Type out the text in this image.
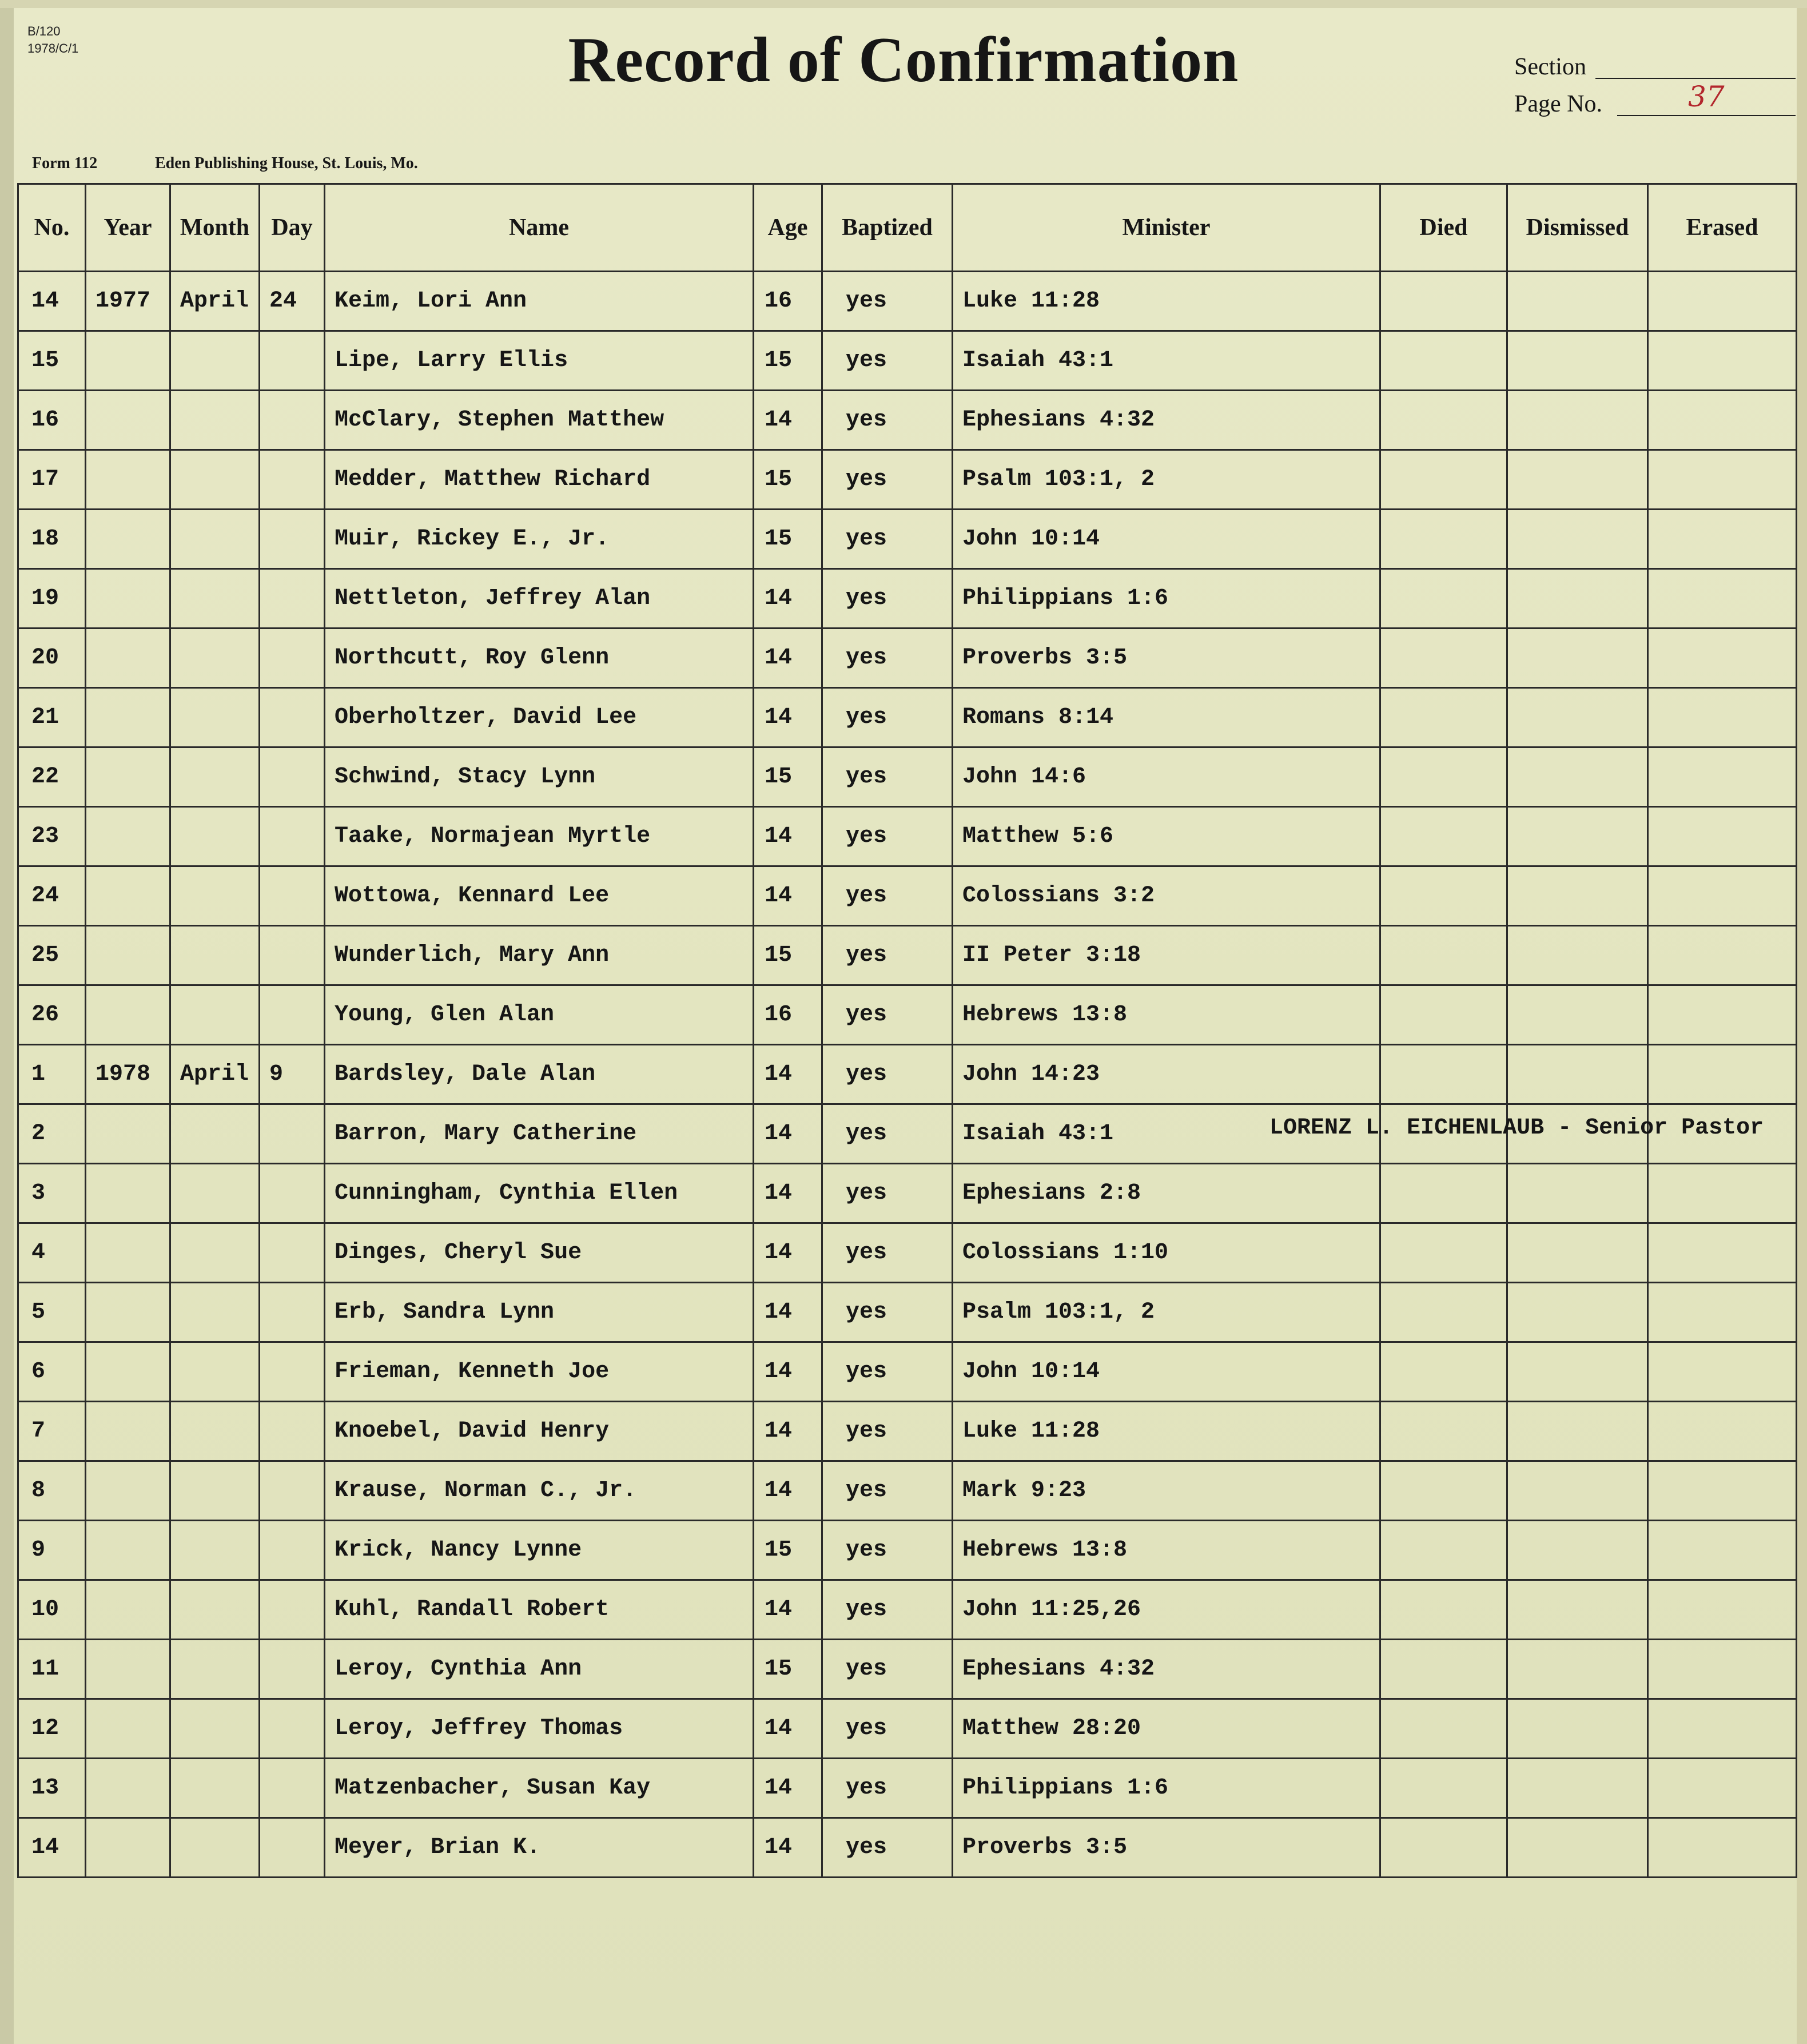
B/120
1978/C/1	Record of Confirmation	Section
Page No.	37
Form 112	Eden Publishing House, St. Louis, Mo.
No.	Year	Month	Day	Name	Age	Baptized	Minister	Died	Dismissed	Erased
14	1977	April	24	Keim, Lori Ann	16	yes	Luke 11:28			
15				Lipe, Larry Ellis	15	yes	Isaiah 43:1			
16				McClary, Stephen Matthew	14	yes	Ephesians 4:32			
17				Medder, Matthew Richard	15	yes	Psalm 103:1, 2			
18				Muir, Rickey E., Jr.	15	yes	John 10:14			
19				Nettleton, Jeffrey Alan	14	yes	Philippians 1:6			
20				Northcutt, Roy Glenn	14	yes	Proverbs 3:5			
21				Oberholtzer, David Lee	14	yes	Romans 8:14			
22				Schwind, Stacy Lynn	15	yes	John 14:6			
23				Taake, Normajean Myrtle	14	yes	Matthew 5:6			
24				Wottowa, Kennard Lee	14	yes	Colossians 3:2			
25				Wunderlich, Mary Ann	15	yes	II Peter 3:18			
26				Young, Glen Alan	16	yes	Hebrews 13:8			
1	1978	April	9	Bardsley, Dale Alan	14	yes	John 14:23			
2				Barron, Mary Catherine	14	yes	Isaiah 43:1			
3				Cunningham, Cynthia Ellen	14	yes	Ephesians 2:8			
4				Dinges, Cheryl Sue	14	yes	Colossians 1:10			
5				Erb, Sandra Lynn	14	yes	Psalm 103:1, 2			
6				Frieman, Kenneth Joe	14	yes	John 10:14			
7				Knoebel, David Henry	14	yes	Luke 11:28			
8				Krause, Norman C., Jr.	14	yes	Mark 9:23			
9				Krick, Nancy Lynne	15	yes	Hebrews 13:8			
10				Kuhl, Randall Robert	14	yes	John 11:25,26			
11				Leroy, Cynthia Ann	15	yes	Ephesians 4:32			
12				Leroy, Jeffrey Thomas	14	yes	Matthew 28:20			
13				Matzenbacher, Susan Kay	14	yes	Philippians 1:6			
14				Meyer, Brian K.	14	yes	Proverbs 3:5			
LORENZ L. EICHENLAUB - Senior Pastor
